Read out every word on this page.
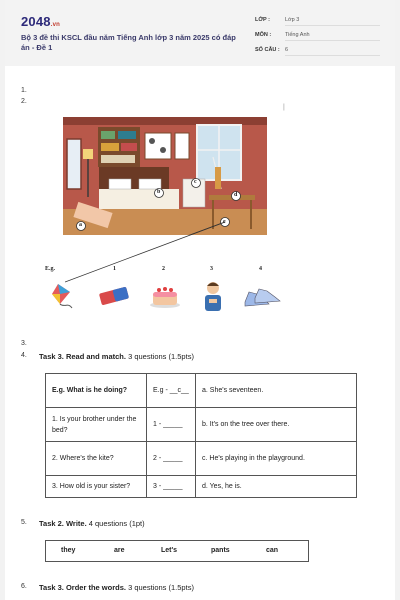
2048.vn
Bộ 3 đề thi KSCL đầu năm Tiếng Anh lớp 3 năm 2025 có đáp án - Đề 1
LỚP :	Lớp 3
MÔN :	Tiếng Anh
SỐ CÂU : 6
1.
2.
|
a
b
c
d
E.g.	1	2	3	4
3.
4. Task 3. Read and match. 3 questions (1.5pts)
E.g. What is he doing?	E.g - __c__	a. She's seventeen.
1. Is your brother under the bed?	1 - _____	b. It's on the tree over there.
2. Where's the kite?	2 - _____	c. He's playing in the playground.
3. How old is your sister?	3 - _____	d. Yes, he is.
5. Task 2. Write. 4 questions (1pt)
they	are	Let's	pants	can
6. Task 3. Order the words. 3 questions (1.5pts)
